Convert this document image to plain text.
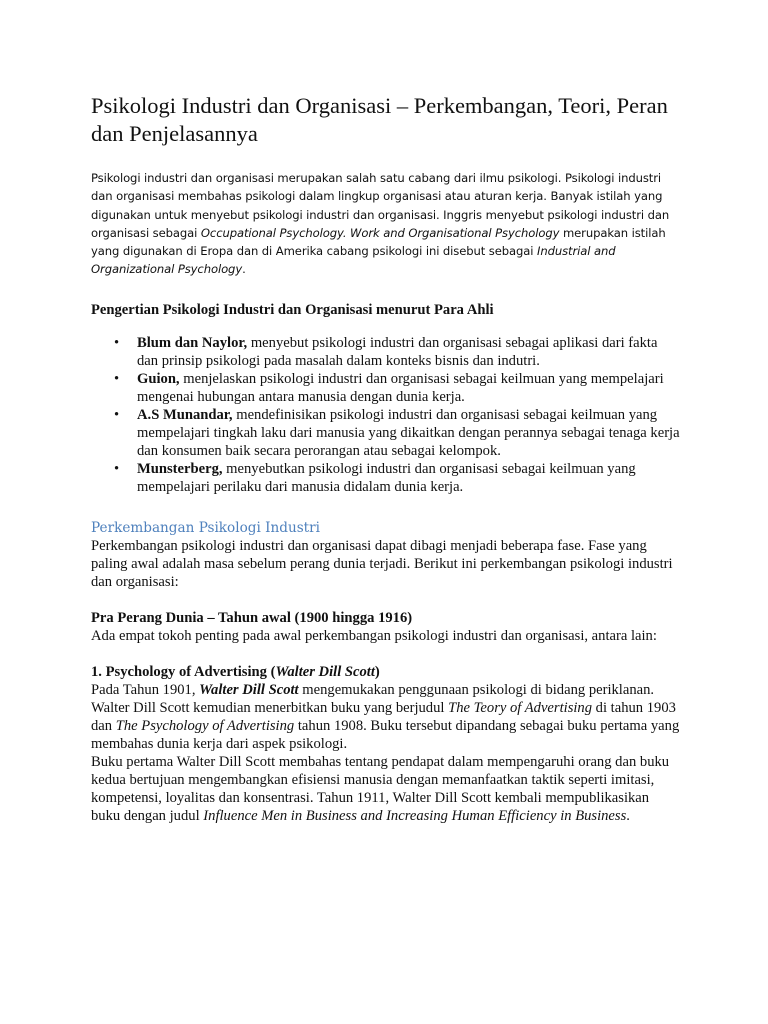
Psikologi Industri dan Organisasi – Perkembangan, Teori, Peran dan Penjelasannya

Psikologi industri dan organisasi merupakan salah satu cabang dari ilmu psikologi. Psikologi industri dan organisasi membahas psikologi dalam lingkup organisasi atau aturan kerja. Banyak istilah yang digunakan untuk menyebut psikologi industri dan organisasi. Inggris menyebut psikologi industri dan organisasi sebagai Occupational Psychology. Work and Organisational Psychology merupakan istilah yang digunakan di Eropa dan di Amerika cabang psikologi ini disebut sebagai Industrial and Organizational Psychology.

Pengertian Psikologi Industri dan Organisasi menurut Para Ahli

• Blum dan Naylor, menyebut psikologi industri dan organisasi sebagai aplikasi dari fakta dan prinsip psikologi pada masalah dalam konteks bisnis dan indutri.
• Guion, menjelaskan psikologi industri dan organisasi sebagai keilmuan yang mempelajari mengenai hubungan antara manusia dengan dunia kerja.
• A.S Munandar, mendefinisikan psikologi industri dan organisasi sebagai keilmuan yang mempelajari tingkah laku dari manusia yang dikaitkan dengan perannya sebagai tenaga kerja dan konsumen baik secara perorangan atau sebagai kelompok.
• Munsterberg, menyebutkan psikologi industri dan organisasi sebagai keilmuan yang mempelajari perilaku dari manusia didalam dunia kerja.
Perkembangan Psikologi Industri

Perkembangan psikologi industri dan organisasi dapat dibagi menjadi beberapa fase. Fase yang paling awal adalah masa sebelum perang dunia terjadi. Berikut ini perkembangan psikologi industri dan organisasi:

Pra Perang Dunia – Tahun awal (1900 hingga 1916)

Ada empat tokoh penting pada awal perkembangan psikologi industri dan organisasi, antara lain:

1. Psychology of Advertising (Walter Dill Scott)

Pada Tahun 1901, Walter Dill Scott mengemukakan penggunaan psikologi di bidang periklanan. Walter Dill Scott kemudian menerbitkan buku yang berjudul The Teory of Advertising di tahun 1903 dan The Psychology of Advertising tahun 1908. Buku tersebut dipandang sebagai buku pertama yang membahas dunia kerja dari aspek psikologi.

Buku pertama Walter Dill Scott membahas tentang pendapat dalam mempengaruhi orang dan buku kedua bertujuan mengembangkan efisiensi manusia dengan memanfaatkan taktik seperti imitasi, kompetensi, loyalitas dan konsentrasi. Tahun 1911, Walter Dill Scott kembali mempublikasikan buku dengan judul Influence Men in Business and Increasing Human Efficiency in Business.
